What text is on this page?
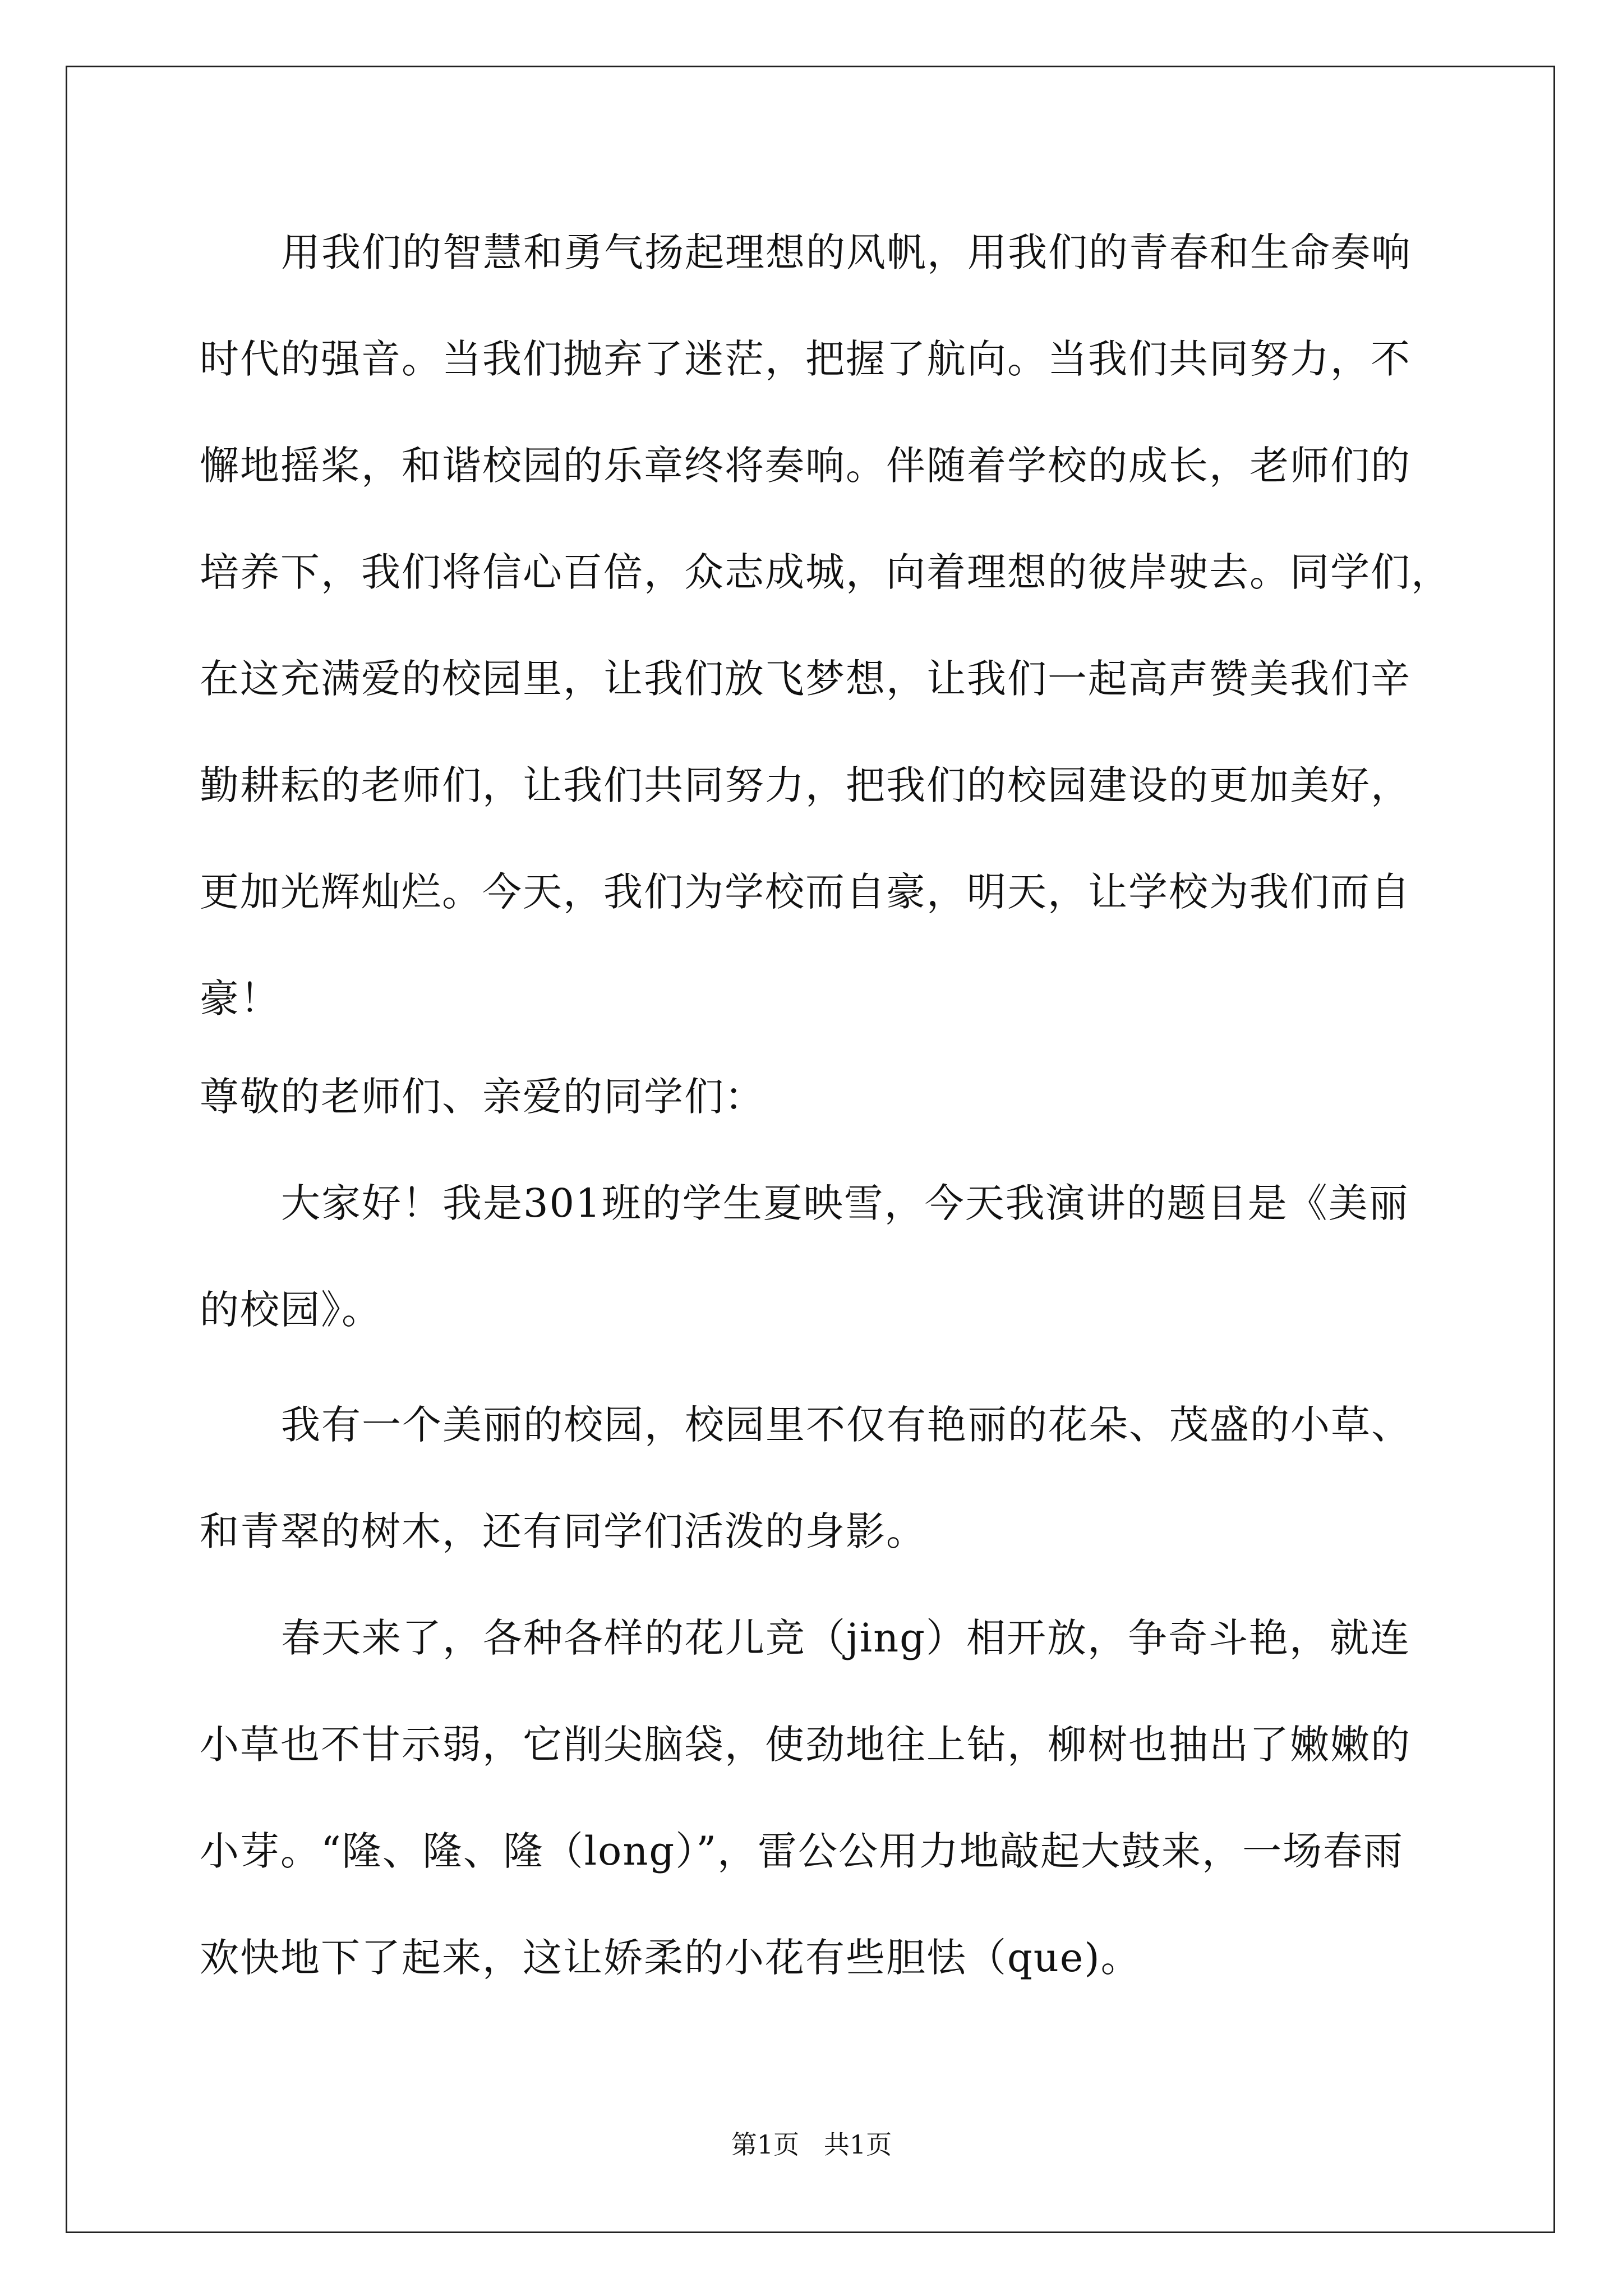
用我们的智慧和勇气扬起理想的风帆，用我们的青春和生命奏响
时代的强音。当我们抛弃了迷茫，把握了航向。当我们共同努力，不
懈地摇桨，和谐校园的乐章终将奏响。伴随着学校的成长，老师们的
培养下，我们将信心百倍，众志成城，向着理想的彼岸驶去。同学们，
在这充满爱的校园里，让我们放飞梦想，让我们一起高声赞美我们辛
勤耕耘的老师们，让我们共同努力，把我们的校园建设的更加美好，
更加光辉灿烂。今天，我们为学校而自豪，明天，让学校为我们而自
豪！
尊敬的老师们、亲爱的同学们：
大家好！我是301班的学生夏映雪，今天我演讲的题目是《美丽
的校园》。
我有一个美丽的校园，校园里不仅有艳丽的花朵、茂盛的小草、
和青翠的树木，还有同学们活泼的身影。
春天来了，各种各样的花儿竞（jing）相开放，争奇斗艳，就连
小草也不甘示弱，它削尖脑袋，使劲地往上钻，柳树也抽出了嫩嫩的
小芽。“隆、隆、隆（long）”，雷公公用力地敲起大鼓来，一场春雨
欢快地下了起来，这让娇柔的小花有些胆怯（que)。
第1页   共1页
